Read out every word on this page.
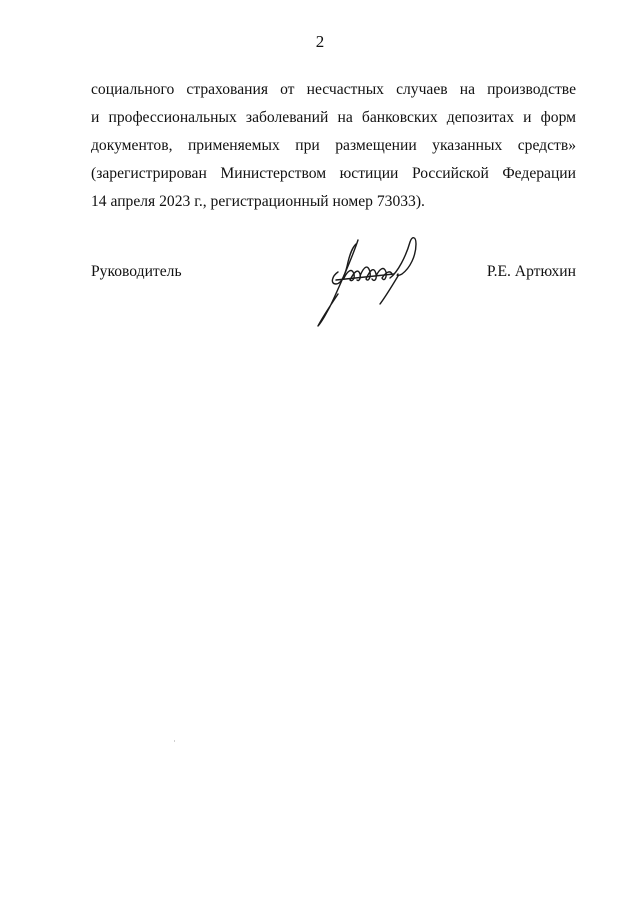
2

социального страхования от несчастных случаев на производстве
и профессиональных заболеваний на банковских депозитах и форм
документов, применяемых при размещении указанных средств»
(зарегистрирован Министерством юстиции Российской Федерации
14 апреля 2023 г., регистрационный номер 73033).

Руководитель	Р.Е. Артюхин
